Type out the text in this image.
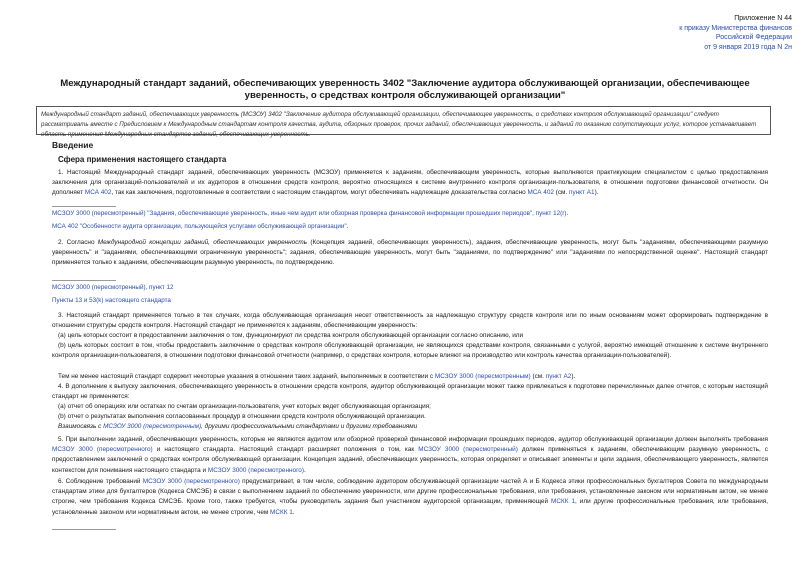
Приложение N 44
к приказу Министерства финансов
Российской Федерации
от 9 января 2019 года N 2н
Международный стандарт заданий, обеспечивающих уверенность 3402 "Заключение аудитора обслуживающей организации, обеспечивающее уверенность, о средствах контроля обслуживающей организации"
Международный стандарт заданий, обеспечивающих уверенность (МСЗОУ) 3402 "Заключение аудитора обслуживающей организации, обеспечивающее уверенность, о средствах контроля обслуживающей организации" следует рассматривать вместе с Предисловием к Международным стандартам контроля качества, аудита, обзорных проверок, прочих заданий, обеспечивающих уверенность, и заданий по оказанию сопутствующих услуг, которое устанавливает область применения Международных стандартов заданий, обеспечивающих уверенность.
Введение
Сфера применения настоящего стандарта
1. Настоящий Международный стандарт заданий, обеспечивающих уверенность (МСЗОУ) применяется к заданиям, обеспечивающим уверенность, которые выполняются практикующим специалистом с целью предоставления заключения для организаций-пользователей и их аудиторов в отношении средств контроля, вероятно относящихся к системе внутреннего контроля организации-пользователя, в отношении подготовки финансовой отчетности. Он дополняет МСА 402, так как заключения, подготовленные в соответствии с настоящим стандартом, могут обеспечивать надлежащие доказательства согласно МСА 402 (см. пункт А1).
МСЗОУ 3000 (пересмотренный) "Задания, обеспечивающие уверенность, иные чем аудит или обзорная проверка финансовой информации прошедших периодов", пункт 12(r).
МСА 402 "Особенности аудита организации, пользующейся услугами обслуживающей организации".
2. Согласно Международной концепции заданий, обеспечивающих уверенность (Концепция заданий, обеспечивающих уверенность), задания, обеспечивающие уверенность, могут быть "заданиями, обеспечивающими разумную уверенность" и "заданиями, обеспечивающими ограниченную уверенность"; задания, обеспечивающие уверенность, могут быть "заданиями, по подтверждению" или "заданиями по непосредственной оценке". Настоящий стандарт применяется только к заданиям, обеспечивающим разумную уверенность, по подтверждению.
МСЗОУ 3000 (пересмотренный), пункт 12
Пункты 13 и 53(k) настоящего стандарта
3. Настоящий стандарт применяется только в тех случаях, когда обслуживающая организация несет ответственность за надлежащую структуру средств контроля или по иным основаниям может сформировать подтверждение в отношении структуры средств контроля. Настоящий стандарт не применяется к заданиям, обеспечивающим уверенность:
(a) цель которых состоит в предоставлении заключения о том, функционируют ли средства контроля обслуживающей организации согласно описанию, или
(b) цель которых состоит в том, чтобы предоставить заключение о средствах контроля обслуживающей организации, не являющихся средствами контроля, связанными с услугой, вероятно имеющей отношение к системе внутреннего контроля организации-пользователя, в отношении подготовки финансовой отчетности (например, о средствах контроля, которые влияют на производство или контроль качества организации-пользователей).
Тем не менее настоящий стандарт содержит некоторые указания в отношении таких заданий, выполняемых в соответствии с МСЗОУ 3000 (пересмотренным) (см. пункт А2).
4. В дополнение к выпуску заключения, обеспечивающего уверенность в отношении средств контроля, аудитор обслуживающей организации может также привлекаться к подготовке перечисленных далее отчетов, с которым настоящий стандарт не применяется:
(a) отчет об операциях или остатках по счетам организации-пользователя, учет которых ведет обслуживающая организация;
(b) отчет о результатах выполнения согласованных процедур в отношении средств контроля обслуживающей организации.
Взаимосвязь с МСЗОУ 3000 (пересмотренным), другими профессиональными стандартами и другими требованиями
5. При выполнении заданий, обеспечивающих уверенность, которые не являются аудитом или обзорной проверкой финансовой информации прошедших периодов, аудитор обслуживающей организации должен выполнять требования МСЗОУ 3000 (пересмотренного) и настоящего стандарта. Настоящий стандарт расширяет положения о том, как МСЗОУ 3000 (пересмотренный) должен применяться к заданиям, обеспечивающим разумную уверенность, с предоставлением заключений о средствах контроля обслуживающей организации. Концепция заданий, обеспечивающих уверенность, которая определяет и описывает элементы и цели задания, обеспечивающего уверенность, является контекстом для понимания настоящего стандарта и МСЗОУ 3000 (пересмотренного).
6. Соблюдение требований МСЗОУ 3000 (пересмотренного) предусматривает, в том числе, соблюдение аудитором обслуживающей организации частей А и Б Кодекса этики профессиональных бухгалтеров Совета по международным стандартам этики для бухгалтеров (Кодекса СМСЭБ) в связи с выполнением заданий по обеспечению уверенности, или другие профессиональные требования, или требования, установленные законом или нормативным актом, не менее строгие, чем требования Кодекса СМСЭБ. Кроме того, также требуется, чтобы руководитель задания был участником аудиторской организации, применяющей МСКК 1, или другие профессиональные требования, или требования, установленные законом или нормативным актом, не менее строгие, чем МСКК 1.
